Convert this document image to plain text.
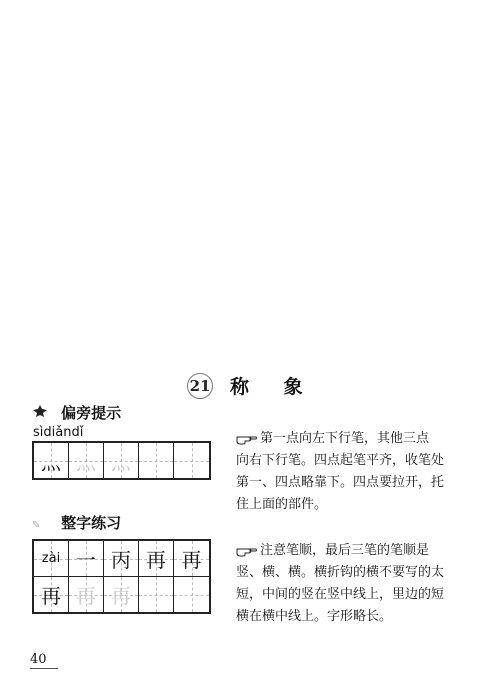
21 称 象
偏旁提示
sìdiǎndǐ
灬 灬 灬
第一点向左下行笔，其他三点
向右下行笔。四点起笔平齐，收笔处
第一、四点略靠下。四点要拉开，托
住上面的部件。
✎ 整字练习
zài 一 丙 再 再
再 再 再
注意笔顺，最后三笔的笔顺是
竖、横、横。横折钩的横不要写的太
短，中间的竖在竖中线上，里边的短
横在横中线上。字形略长。
40
